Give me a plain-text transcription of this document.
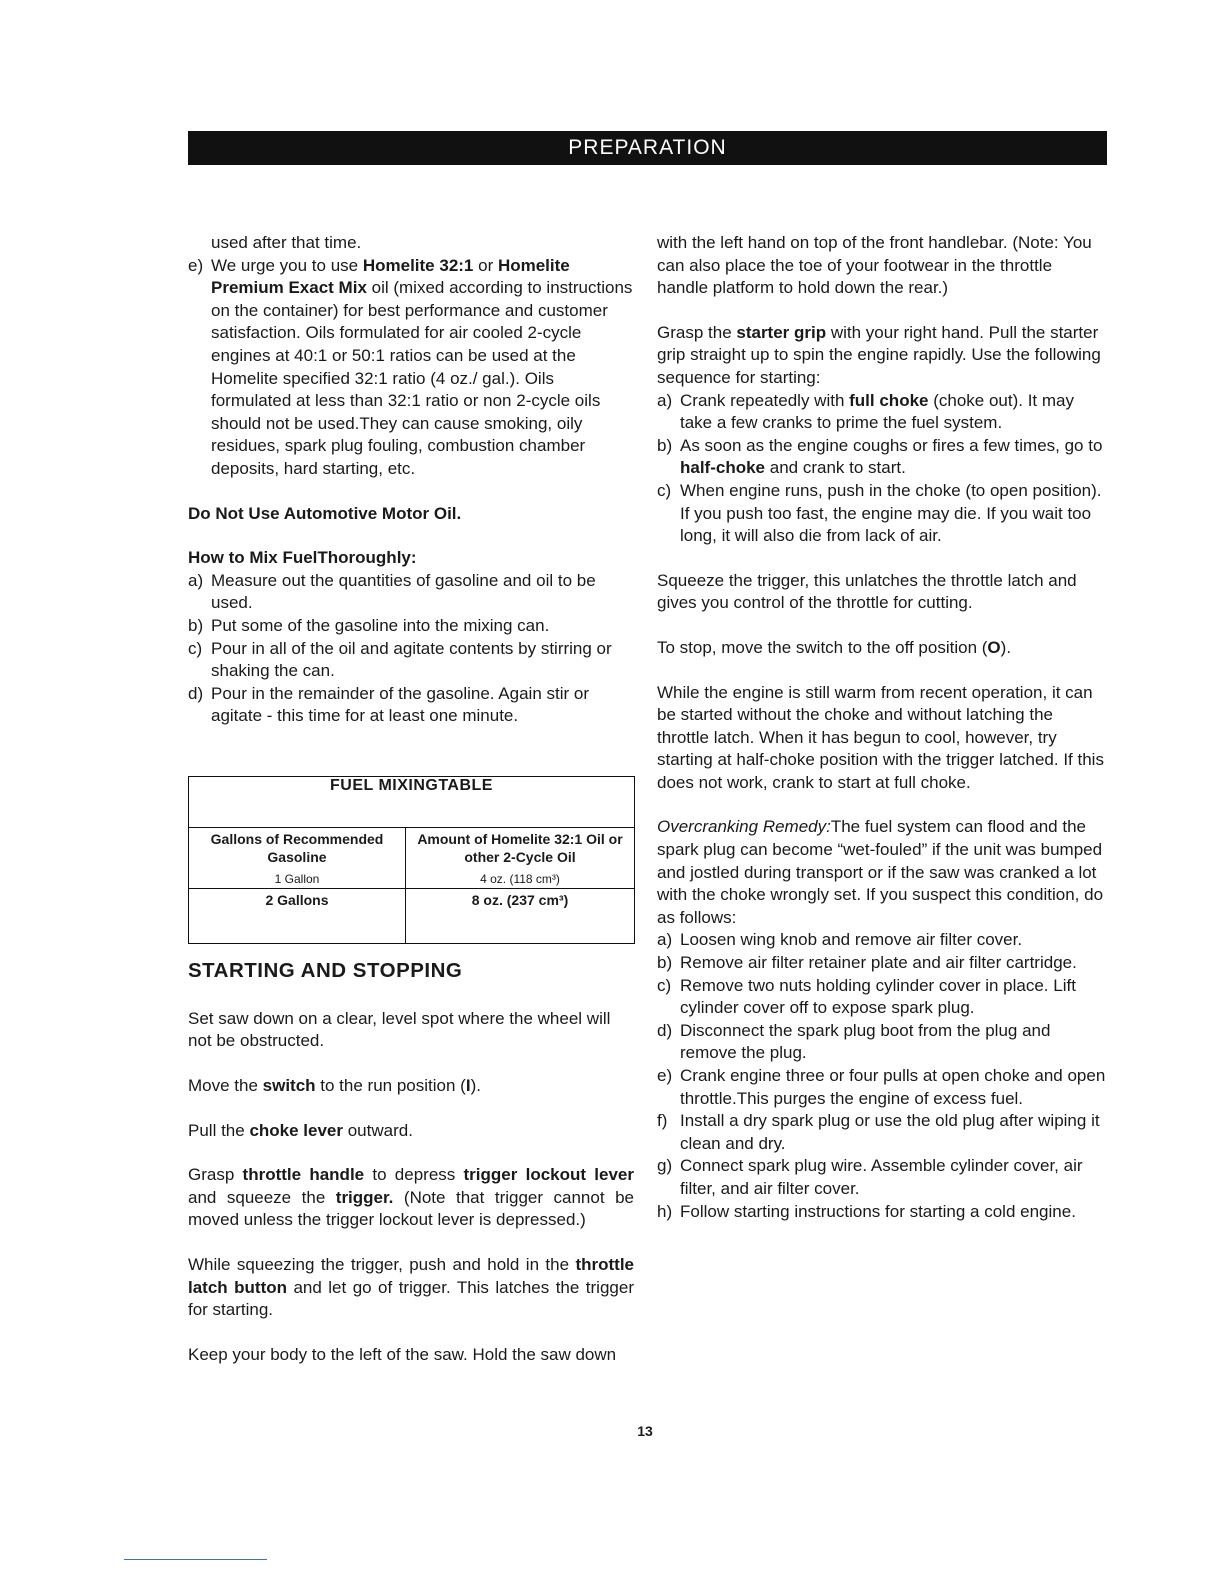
PREPARATION

used after that time.

e) We urge you to use Homelite 32:1 or Homelite Premium Exact Mix oil (mixed according to instructions on the container) for best performance and customer satisfaction. Oils formulated for air cooled 2-cycle engines at 40:1 or 50:1 ratios can be used at the Homelite specified 32:1 ratio (4 oz./ gal.). Oils formulated at less than 32:1 ratio or non 2-cycle oils should not be used.They can cause smoking, oily residues, spark plug fouling, combustion chamber deposits, hard starting, etc.

Do Not Use Automotive Motor Oil.

How to Mix FuelThoroughly:

a) Measure out the quantities of gasoline and oil to be used.
b) Put some of the gasoline into the mixing can.
c) Pour in all of the oil and agitate contents by stirring or shaking the can.
d) Pour in the remainder of the gasoline. Again stir or agitate - this time for at least one minute.
FUEL MIXINGTABLE	
Gallons of Recommended Gasoline	Amount of Homelite 32:1 Oil or other 2-Cycle Oil
1 Gallon	4 oz. (118 cm³)
2 Gallons	8 oz. (237 cm³)

STARTING AND STOPPING

Set saw down on a clear, level spot where the wheel will not be obstructed.

Move the switch to the run position (I).

Pull the choke lever outward.

Grasp throttle handle to depress trigger lockout lever and squeeze the trigger. (Note that trigger cannot be moved unless the trigger lockout lever is depressed.)

While squeezing the trigger, push and hold in the throttle latch button and let go of trigger. This latches the trigger for starting.

Keep your body to the left of the saw. Hold the saw down

with the left hand on top of the front handlebar. (Note: You can also place the toe of your footwear in the throttle handle platform to hold down the rear.)

Grasp the starter grip with your right hand. Pull the starter grip straight up to spin the engine rapidly. Use the following sequence for starting:

a) Crank repeatedly with full choke (choke out). It may take a few cranks to prime the fuel system.
b) As soon as the engine coughs or fires a few times, go to half-choke and crank to start.
c) When engine runs, push in the choke (to open position). If you push too fast, the engine may die. If you wait too long, it will also die from lack of air.

Squeeze the trigger, this unlatches the throttle latch and gives you control of the throttle for cutting.

To stop, move the switch to the off position (O).

While the engine is still warm from recent operation, it can be started without the choke and without latching the throttle latch. When it has begun to cool, however, try starting at half-choke position with the trigger latched. If this does not work, crank to start at full choke.

Overcranking Remedy:The fuel system can flood and the spark plug can become “wet-fouled” if the unit was bumped and jostled during transport or if the saw was cranked a lot with the choke wrongly set. If you suspect this condition, do as follows:

a) Loosen wing knob and remove air filter cover.
b) Remove air filter retainer plate and air filter cartridge.
c) Remove two nuts holding cylinder cover in place. Lift cylinder cover off to expose spark plug.
d) Disconnect the spark plug boot from the plug and remove the plug.
e) Crank engine three or four pulls at open choke and open throttle.This purges the engine of excess fuel.
f) Install a dry spark plug or use the old plug after wiping it clean and dry.
g) Connect spark plug wire. Assemble cylinder cover, air filter, and air filter cover.
h) Follow starting instructions for starting a cold engine.
13
